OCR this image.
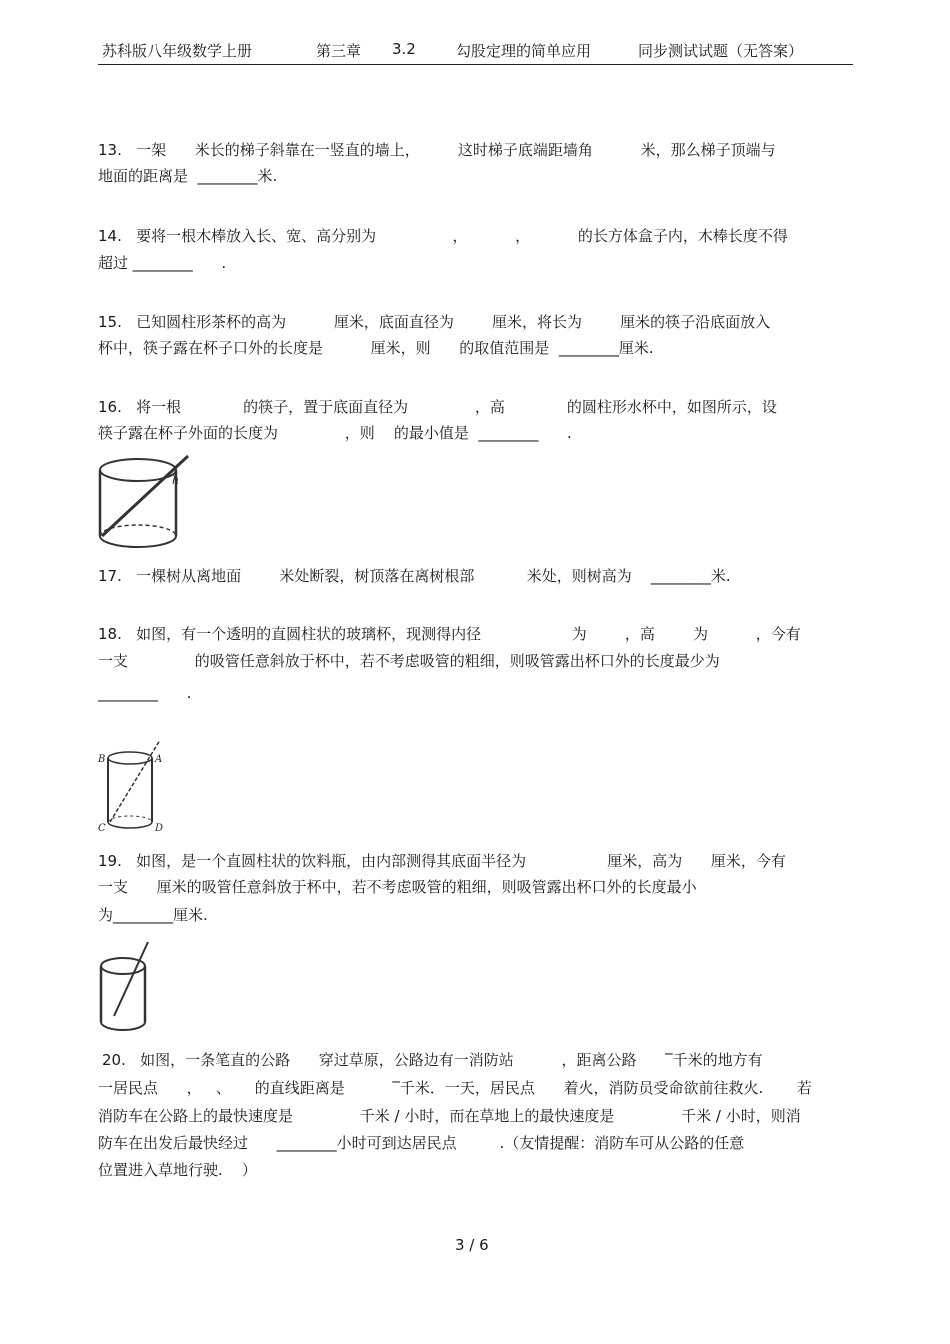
苏科版八年级数学上册	第三章 3.2	勾股定理的简单应用	同步测试试题（无答案）
13. 一架      米长的梯子斜靠在一竖直的墙上，        这时梯子底端距墙角          米，那么梯子顶端与
地面的距离是  ________米.
14. 要将一根木棒放入长、宽、高分别为                ，          ，          的长方体盒子内，木棒长度不得
超过 ________      .
15. 已知圆柱形茶杯的高为          厘米，底面直径为        厘米，将长为        厘米的筷子沿底面放入
杯中，筷子露在杯子口外的长度是          厘米，则      的取值范围是  ________厘米.
16. 将一根             的筷子，置于底面直径为              ，高             的圆柱形水杯中，如图所示，设
筷子露在杯子外面的长度为              ，则    的最小值是  ________      .
h
17. 一棵树从离地面        米处断裂，树顶落在离树根部           米处，则树高为    ________米.
18. 如图，有一个透明的直圆柱状的玻璃杯，现测得内径                   为        ，高        为          ，今有
一支              的吸管任意斜放于杯中，若不考虑吸管的粗细，则吸管露出杯口外的长度最少为
________      .
B	A
C	D
19. 如图，是一个直圆柱状的饮料瓶，由内部测得其底面半径为                 厘米，高为      厘米，今有
一支      厘米的吸管任意斜放于杯中，若不考虑吸管的粗细，则吸管露出杯口外的长度最小
为________厘米.
20. 如图，一条笔直的公路      穿过草原，公路边有一消防站          ，距离公路      ‾千米的地方有
一居民点      ，   、     的直线距离是          ‾千米．一天，居民点      着火，消防员受命欲前往救火.       若
消防车在公路上的最快速度是              千米 / 小时，而在草地上的最快速度是              千米 / 小时，则消
防车在出发后最快经过      ________小时可到达居民点         .（友情提醒：消防车可从公路的任意
位置进入草地行驶.    ）
3 / 6
